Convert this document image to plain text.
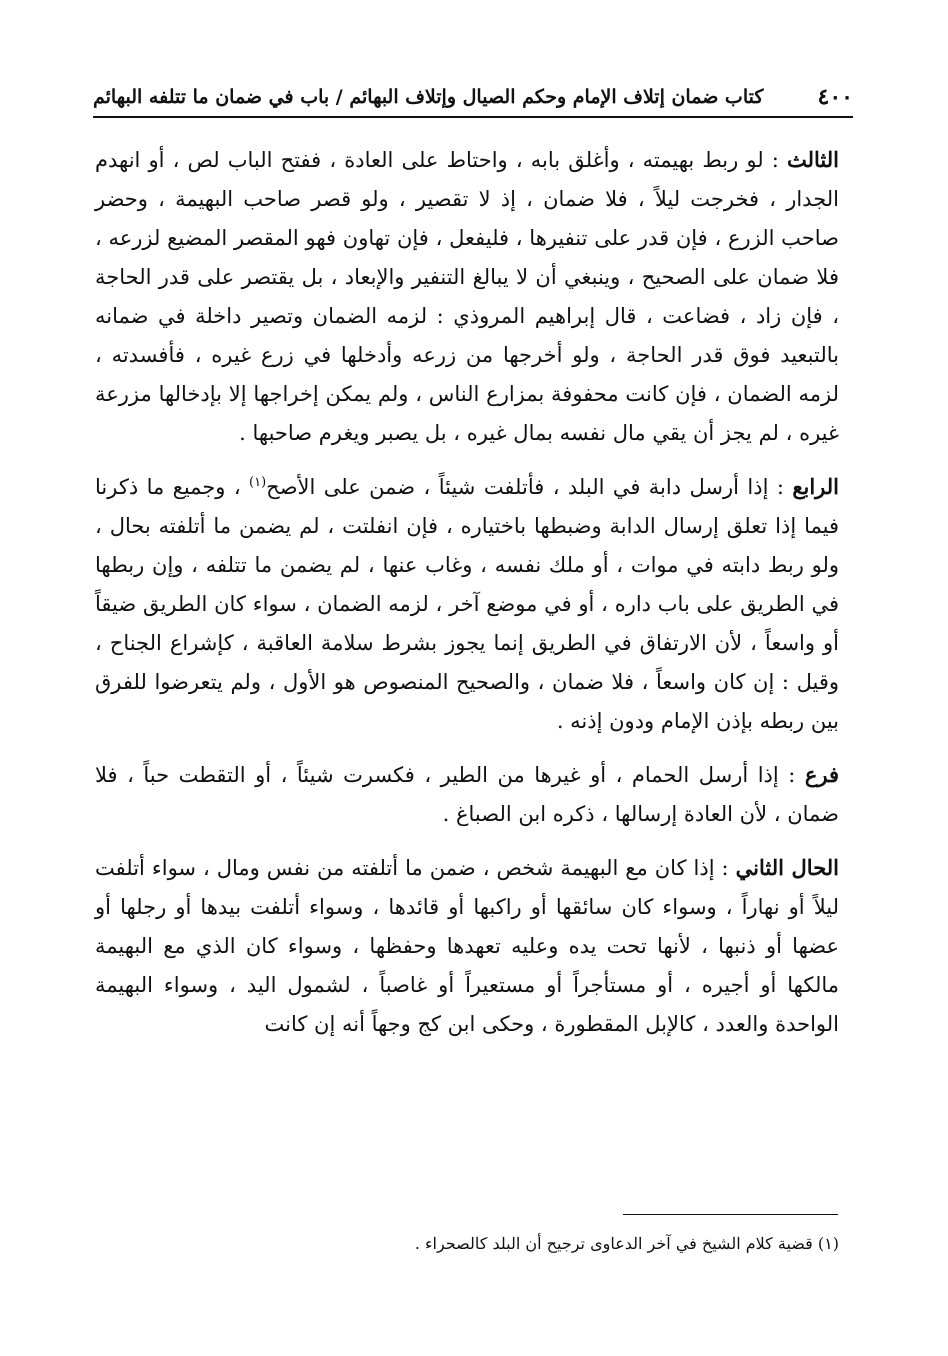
٤٠٠
كتاب ضمان إتلاف الإمام وحكم الصيال وإتلاف البهائم / باب في ضمان ما تتلفه البهائم

الثالث : لو ربط بهيمته ، وأغلق بابه ، واحتاط على العادة ، ففتح الباب لص ، أو انهدم الجدار ، فخرجت ليلاً ، فلا ضمان ، إذ لا تقصير ، ولو قصر صاحب البهيمة ، وحضر صاحب الزرع ، فإن قدر على تنفيرها ، فليفعل ، فإن تهاون فهو المقصر المضيع لزرعه ، فلا ضمان على الصحيح ، وينبغي أن لا يبالغ التنفير والإبعاد ، بل يقتصر على قدر الحاجة ، فإن زاد ، فضاعت ، قال إبراهيم المروذي : لزمه الضمان وتصير داخلة في ضمانه بالتبعيد فوق قدر الحاجة ، ولو أخرجها من زرعه وأدخلها في زرع غيره ، فأفسدته ، لزمه الضمان ، فإن كانت محفوفة بمزارع الناس ، ولم يمكن إخراجها إلا بإدخالها مزرعة غيره ، لم يجز أن يقي مال نفسه بمال غيره ، بل يصبر ويغرم صاحبها .

الرابع : إذا أرسل دابة في البلد ، فأتلفت شيئاً ، ضمن على الأصح$^{(١)}$ ، وجميع ما ذكرنا فيما إذا تعلق إرسال الدابة وضبطها باختياره ، فإن انفلتت ، لم يضمن ما أتلفته بحال ، ولو ربط دابته في موات ، أو ملك نفسه ، وغاب عنها ، لم يضمن ما تتلفه ، وإن ربطها في الطريق على باب داره ، أو في موضع آخر ، لزمه الضمان ، سواء كان الطريق ضيقاً أو واسعاً ، لأن الارتفاق في الطريق إنما يجوز بشرط سلامة العاقبة ، كإشراع الجناح ، وقيل : إن كان واسعاً ، فلا ضمان ، والصحيح المنصوص هو الأول ، ولم يتعرضوا للفرق بين ربطه بإذن الإمام ودون إذنه .

فرع : إذا أرسل الحمام ، أو غيرها من الطير ، فكسرت شيئاً ، أو التقطت حباً ، فلا ضمان ، لأن العادة إرسالها ، ذكره ابن الصباغ .

الحال الثاني : إذا كان مع البهيمة شخص ، ضمن ما أتلفته من نفس ومال ، سواء أتلفت ليلاً أو نهاراً ، وسواء كان سائقها أو راكبها أو قائدها ، وسواء أتلفت بيدها أو رجلها أو عضها أو ذنبها ، لأنها تحت يده وعليه تعهدها وحفظها ، وسواء كان الذي مع البهيمة مالكها أو أجيره ، أو مستأجراً أو مستعيراً أو غاصباً ، لشمول اليد ، وسواء البهيمة الواحدة والعدد ، كالإبل المقطورة ، وحكى ابن كج وجهاً أنه إن كانت

(١) قضية كلام الشيخ في آخر الدعاوى ترجيح أن البلد كالصحراء .
